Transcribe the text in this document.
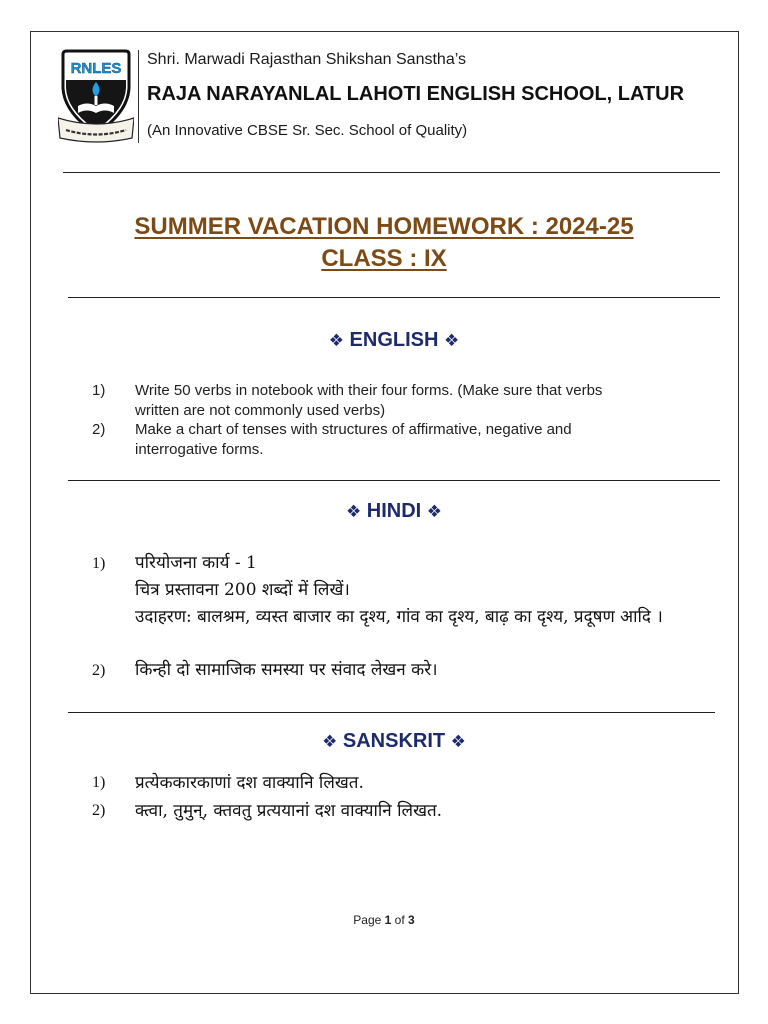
RNLES
Shri. Marwadi Rajasthan Shikshan Sanstha’s
RAJA NARAYANLAL LAHOTI ENGLISH SCHOOL, LATUR
(An Innovative CBSE Sr. Sec. School of Quality)
SUMMER VACATION HOMEWORK : 2024-25
CLASS : IX
❖ ENGLISH ❖
1) Write 50 verbs in notebook with their four forms. (Make sure that verbs
written are not commonly used verbs)
2) Make a chart of tenses with structures of affirmative, negative and
interrogative forms.
❖ HINDI ❖
1) परियोजना कार्य - 1
चित्र प्रस्तावना 200 शब्दों में लिखें।
उदाहरण: बालश्रम, व्यस्त बाजार का दृश्य, गांव का दृश्य, बाढ़ का दृश्य, प्रदूषण आदि ।
2) किन्ही दो सामाजिक समस्या पर संवाद लेखन करे।
❖ SANSKRIT ❖
1) प्रत्येककारकाणां दश वाक्यानि लिखत.
2) क्त्वा, तुमुन्, क्तवतु प्रत्ययानां दश वाक्यानि लिखत.
Page 1 of 3
